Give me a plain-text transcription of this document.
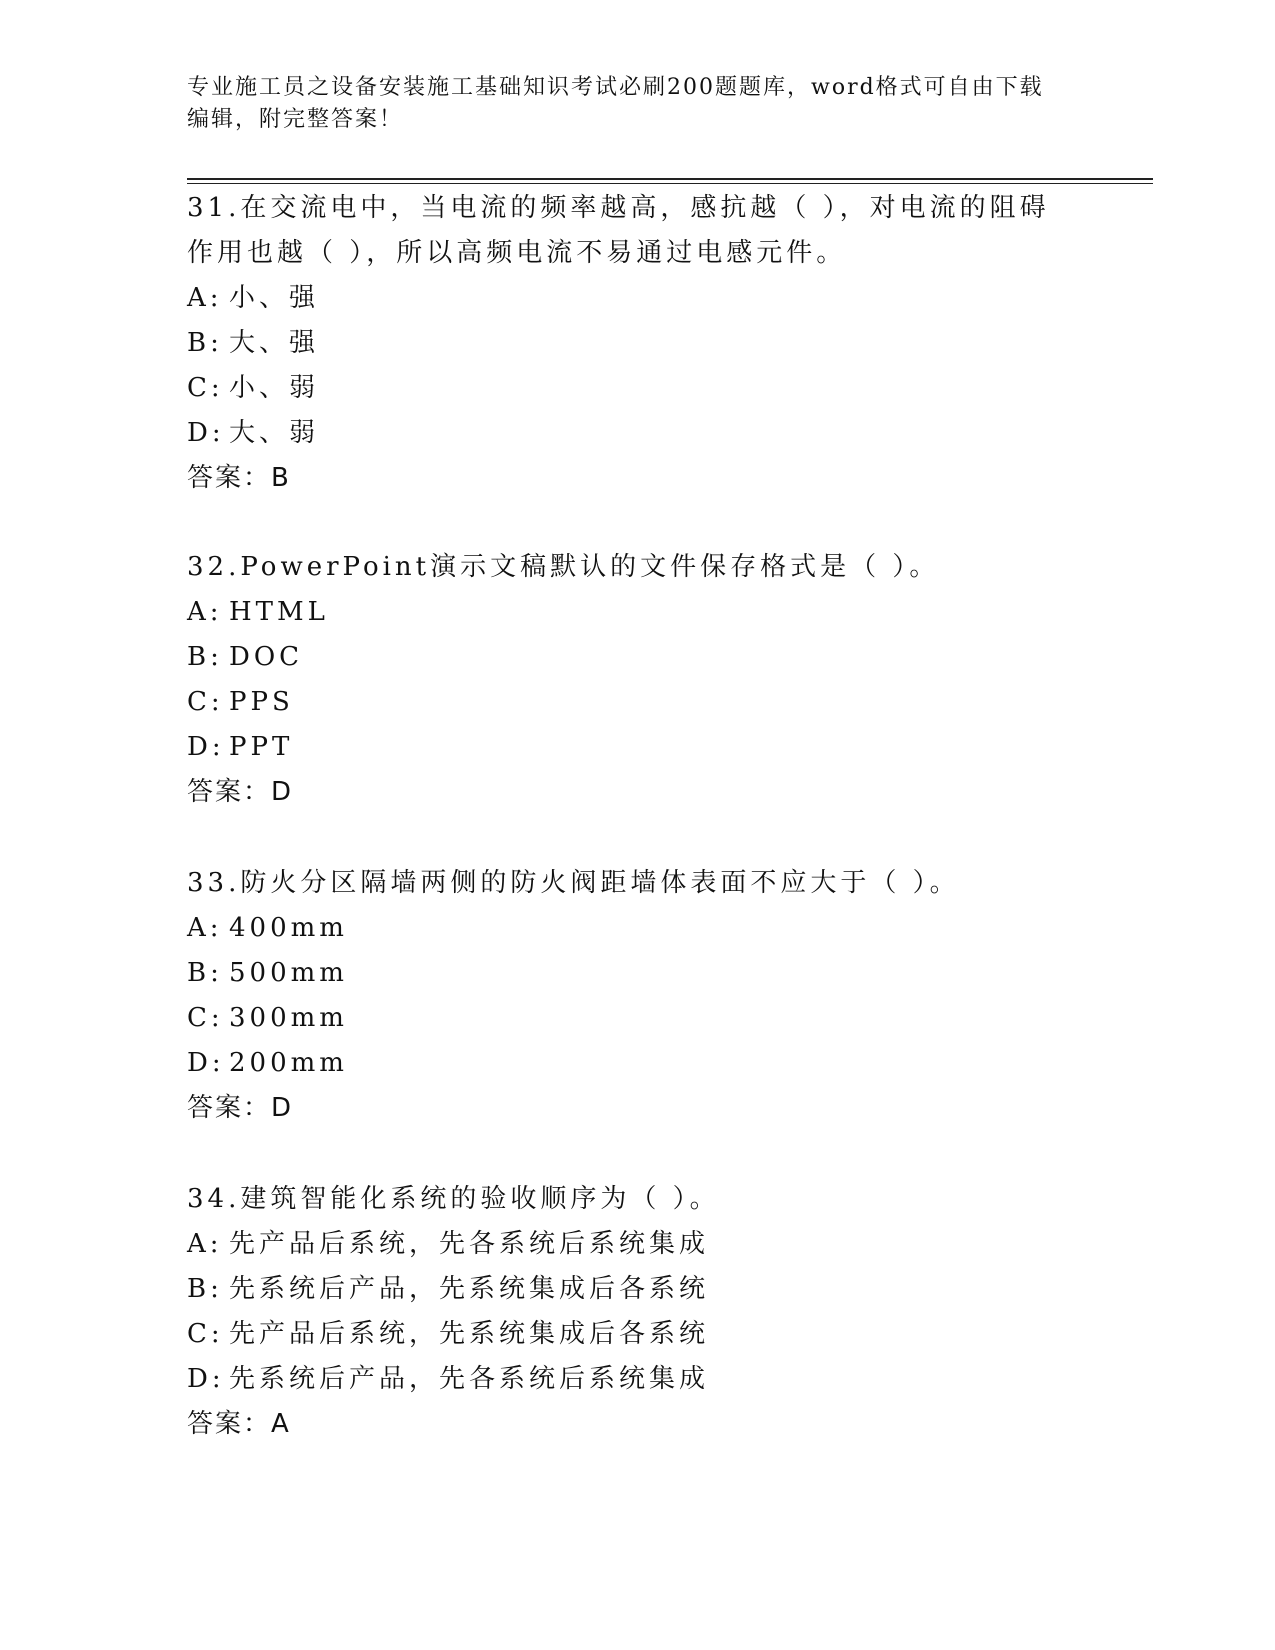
专业施工员之设备安装施工基础知识考试必刷200题题库，word格式可自由下载编辑，附完整答案！
31.在交流电中，当电流的频率越高，感抗越（ ），对电流的阻碍作用也越（ ），所以高频电流不易通过电感元件。
A: 小、强
B: 大、强
C: 小、弱
D: 大、弱
答案：B
32.PowerPoint演示文稿默认的文件保存格式是（ ）。
A: HTML
B: DOC
C: PPS
D: PPT
答案：D
33.防火分区隔墙两侧的防火阀距墙体表面不应大于（ ）。
A: 400mm
B: 500mm
C: 300mm
D: 200mm
答案：D
34.建筑智能化系统的验收顺序为（ ）。
A: 先产品后系统，先各系统后系统集成
B: 先系统后产品，先系统集成后各系统
C: 先产品后系统，先系统集成后各系统
D: 先系统后产品，先各系统后系统集成
答案：A
